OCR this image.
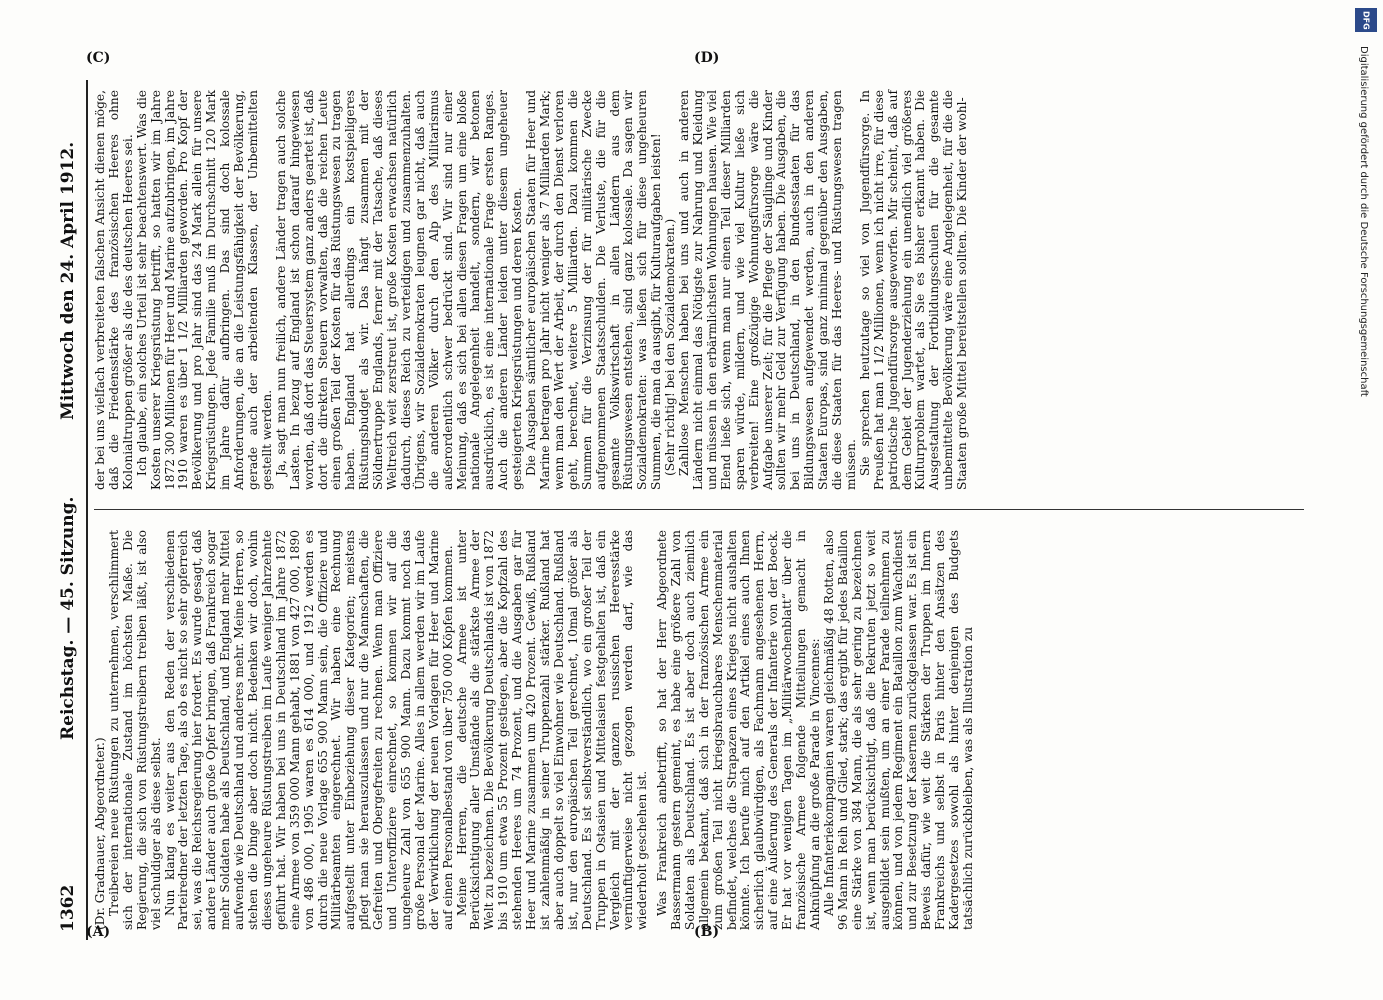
1362
Reichstag. — 45. Sitzung.
Mittwoch den 24. April 1912.

(Dr. Gradnauer, Abgeordneter.) Treibereien neue Rüstungen zu unternehmen, verschlimmert sich der internationale Zustand im höchsten Maße. Die Regierung, die sich von Rüstungstreibern treiben läßt, ist also viel schuldiger als diese selbst. Nun klang es weiter aus den Reden der verschiedenen Parteiredner der letzten Tage, als ob es nicht so sehr opferreich sei, was die Reichsregierung hier fordert. Es wurde gesagt, daß andere Länder auch große Opfer bringen, daß Frankreich sogar mehr Soldaten habe als Deutschland, und England mehr Mittel aufwende wie Deutschland und anderes mehr. Meine Herren, so stehen die Dinge aber doch nicht. Bedenken wir doch, wohin dieses ungeheure Rüstungstreiben im Laufe weniger Jahrzehnte geführt hat. Wir haben bei uns in Deutschland im Jahre 1872 eine Armee von 359 000 Mann gehabt, 1881 von 427 000, 1890 von 486 000, 1905 waren es 614 000, und 1912 werden es durch die neue Vorlage 655 900 Mann sein, die Offiziere und Militärbeamten eingerechnet. Wir haben eine Rechnung aufgestellt unter Einbeziehung dieser Kategorien; meistens pflegt man sie herauszulassen und nur die Mannschaften, die Gefreiten und Obergefreiten zu rechnen. Wenn man Offiziere und Unteroffiziere einrechnet, so kommen wir auf die ungeheure Zahl von 655 900 Mann. Dazu kommt noch das große Personal der Marine. Alles in allem werden wir im Laufe der Verwirklichung der neuen Vorlagen für Heer und Marine auf einen Personalbestand von über 750 000 Köpfen kommen. Meine Herren, die deutsche Armee ist unter Berücksichtigung aller Umstände als die stärkste Armee der Welt zu bezeichnen. Die Bevölkerung Deutschlands ist von 1872 bis 1910 um etwa 55 Prozent gestiegen, aber die Kopfzahl des stehenden Heeres um 74 Prozent, und die Ausgaben gar für Heer und Marine zusammen um 420 Prozent. Gewiß, Rußland ist zahlenmäßig in seiner Truppenzahl stärker. Rußland hat aber auch doppelt so viel Einwohner wie Deutschland. Rußland ist, nur den europäischen Teil gerechnet, 10mal größer als Deutschland. Es ist selbstverständlich, wo ein großer Teil der Truppen in Ostasien und Mittelasien festgehalten ist, daß ein Vergleich mit der ganzen russischen Heeresstärke vernünftigerweise nicht gezogen werden darf, wie das wiederholt geschehen ist. Was Frankreich anbetrifft, so hat der Herr Abgeordnete Bassermann gestern gemeint, es habe eine größere Zahl von Soldaten als Deutschland. Es ist aber doch auch ziemlich allgemein bekannt, daß sich in der französischen Armee ein zum großen Teil nicht kriegsbrauchbares Menschenmaterial befindet, welches die Strapazen eines Krieges nicht aushalten könnte. Ich berufe mich auf den Artikel eines auch Ihnen sicherlich glaubwürdigen, als Fachmann angesehenen Herrn, auf eine Äußerung des Generals der Infanterie von der Boeck. Er hat vor wenigen Tagen im „Militärwochenblatt“ über die französische Armee folgende Mitteilungen gemacht in Anknüpfung an die große Parade in Vincennes: Alle Infanteriekompagnien waren gleichmäßig 48 Rotten, also 96 Mann in Reih und Glied, stark; das ergibt für jedes Bataillon eine Stärke von 384 Mann, die als sehr gering zu bezeichnen ist, wenn man berücksichtigt, daß die Rekruten jetzt so weit ausgebildet sein mußten, um an einer Parade teilnehmen zu können, und von jedem Regiment ein Bataillon zum Wachdienst und zur Besetzung der Kasernen zurückgelassen war. Es ist ein Beweis dafür, wie weit die Stärken der Truppen im Innern Frankreichs und selbst in Paris hinter den Ansätzen des Kadergesetzes sowohl als hinter denjenigen des Budgets tatsächlich zurückbleiben, was als Illustration zu

der bei uns vielfach verbreiteten falschen Ansicht dienen möge, daß die Friedensstärke des französischen Heeres ohne Kolonialtruppen größer als die des deutschen Heeres sei. Ich glaube, ein solches Urteil ist sehr beachtenswert. Was die Kosten unserer Kriegsrüstung betrifft, so hatten wir im Jahre 1872 300 Millionen für Heer und Marine aufzubringen, im Jahre 1910 waren es über 1 1/2 Milliarden geworden. Pro Kopf der Bevölkerung und pro Jahr sind das 24 Mark allein für unsere Kriegsrüstungen. Jede Familie muß im Durchschnitt 120 Mark im Jahre dafür aufbringen. Das sind doch kolossale Anforderungen, die an die Leistungsfähigkeit der Bevölkerung, gerade auch der arbeitenden Klassen, der Unbemittelten gestellt werden. Ja, sagt man nun freilich, andere Länder tragen auch solche Lasten. In bezug auf England ist schon darauf hingewiesen worden, daß dort das Steuersystem ganz anders geartet ist, daß dort die direkten Steuern vorwalten, daß die reichen Leute einen großen Teil der Kosten für das Rüstungswesen zu tragen haben. England hat allerdings ein kostspieligeres Rüstungsbudget als wir. Das hängt zusammen mit der Söldnertruppe Englands, ferner mit der Tatsache, daß dieses Weltreich weit zerstreut ist, große Kosten erwachsen natürlich dadurch, dieses Reich zu verteidigen und zusammenzuhalten. Übrigens, wir Sozialdemokraten leugnen gar nicht, daß auch die anderen Völker durch den Alp des Militarismus außerordentlich schwer bedrückt sind. Wir sind nur einer Meinung, daß es sich bei allen diesen Fragen um eine bloße nationale Angelegenheit handelt, sondern, wir betonen ausdrücklich, es ist eine internationale Frage ersten Ranges. Auch die anderen Länder leiden unter diesem ungeheuer gesteigerten Kriegsrüstungen und deren Kosten. Die Ausgaben sämtlicher europäischen Staaten für Heer und Marine betragen pro Jahr nicht weniger als 7 Milliarden Mark; wenn man den Wert der Arbeit, der durch den Dienst verloren geht, berechnet, weitere 5 Milliarden. Dazu kommen die Summen für die Verzinsung der für militärische Zwecke aufgenommenen Staatsschulden. Die Verluste, die für die gesamte Volkswirtschaft in allen Ländern aus dem Rüstungswesen entstehen, sind ganz kolossale. Da sagen wir Sozialdemokraten: was ließen sich für diese ungeheuren Summen, die man da ausgibt, für Kulturaufgaben leisten! (Sehr richtig! bei den Sozialdemokraten.) Zahllose Menschen haben bei uns und auch in anderen Ländern nicht einmal das Nötigste zur Nahrung und Kleidung und müssen in den erbärmlichsten Wohnungen hausen. Wie viel Elend ließe sich, wenn man nur einen Teil dieser Milliarden sparen würde, mildern, und wie viel Kultur ließe sich verbreiten! Eine großzügige Wohnungsfürsorge wäre die Aufgabe unserer Zeit; für die Pflege der Säuglinge und Kinder sollten wir mehr Geld zur Verfügung haben. Die Ausgaben, die bei uns in Deutschland, in den Bundesstaaten für das Bildungswesen aufgewendet werden, auch in den anderen Staaten Europas, sind ganz minimal gegenüber den Ausgaben, die diese Staaten für das Heeres- und Rüstungswesen tragen müssen. Sie sprechen heutzutage so viel von Jugendfürsorge. In Preußen hat man 1 1/2 Millionen, wenn ich nicht irre, für diese patriotische Jugendfürsorge ausgeworfen. Mir scheint, daß auf dem Gebiet der Jugenderziehung ein unendlich viel größeres Kulturproblem wartet, als Sie es bisher erkannt haben. Die Ausgestaltung der Fortbildungsschulen für die gesamte unbemittelte Bevölkerung wäre eine Angelegenheit, für die die Staaten große Mittel bereitstellen sollten. Die Kinder der wohl-

(A)	(B)
(C)	(D)	Digitalisierung gefördert durch die Deutsche Forschungsgemeinschaft
DFG
